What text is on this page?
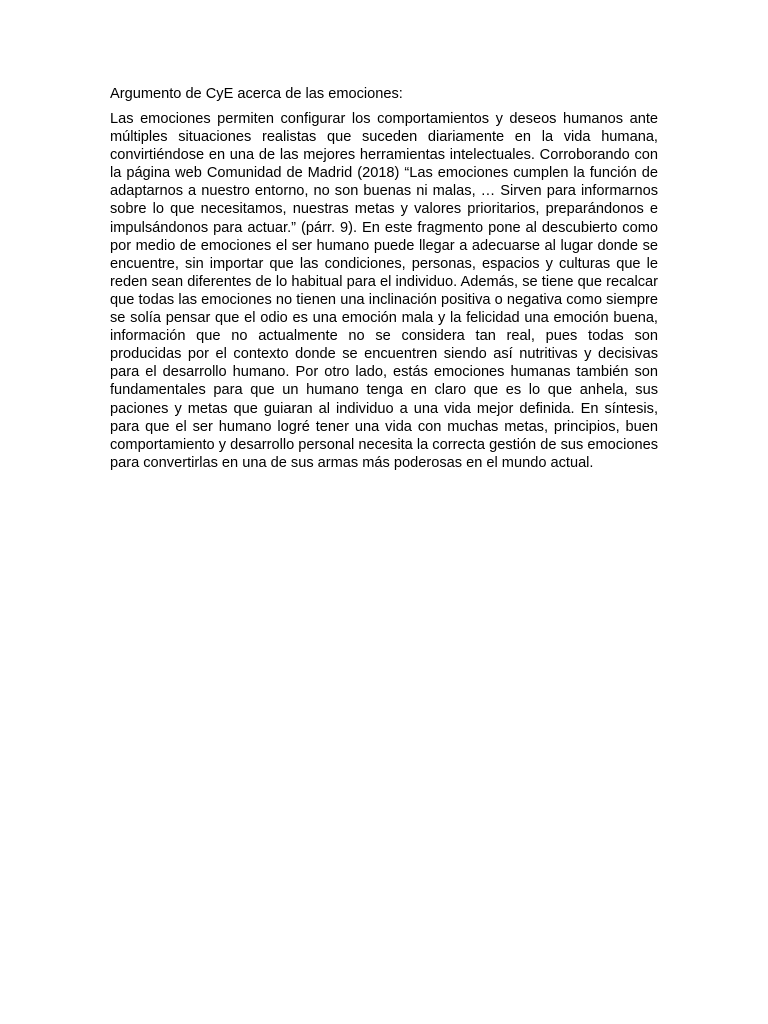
Argumento de CyE acerca de las emociones:

Las emociones permiten configurar los comportamientos y deseos humanos ante múltiples situaciones realistas que suceden diariamente en la vida humana, convirtiéndose en una de las mejores herramientas intelectuales. Corroborando con la página web Comunidad de Madrid (2018) “Las emociones cumplen la función de adaptarnos a nuestro entorno, no son buenas ni malas, … Sirven para informarnos sobre lo que necesitamos, nuestras metas y valores prioritarios, preparándonos e impulsándonos para actuar.” (párr. 9). En este fragmento pone al descubierto como por medio de emociones el ser humano puede llegar a adecuarse al lugar donde se encuentre, sin importar que las condiciones, personas, espacios y culturas que le reden sean diferentes de lo habitual para el individuo. Además, se tiene que recalcar que todas las emociones no tienen una inclinación positiva o negativa como siempre se solía pensar que el odio es una emoción mala y la felicidad una emoción buena, información que no actualmente no se considera tan real, pues todas son producidas por el contexto donde se encuentren siendo así nutritivas y decisivas para el desarrollo humano. Por otro lado, estás emociones humanas también son fundamentales para que un humano tenga en claro que es lo que anhela, sus paciones y metas que guiaran al individuo a una vida mejor definida. En síntesis, para que el ser humano logré tener una vida con muchas metas, principios, buen comportamiento y desarrollo personal necesita la correcta gestión de sus emociones para convertirlas en una de sus armas más poderosas en el mundo actual.
